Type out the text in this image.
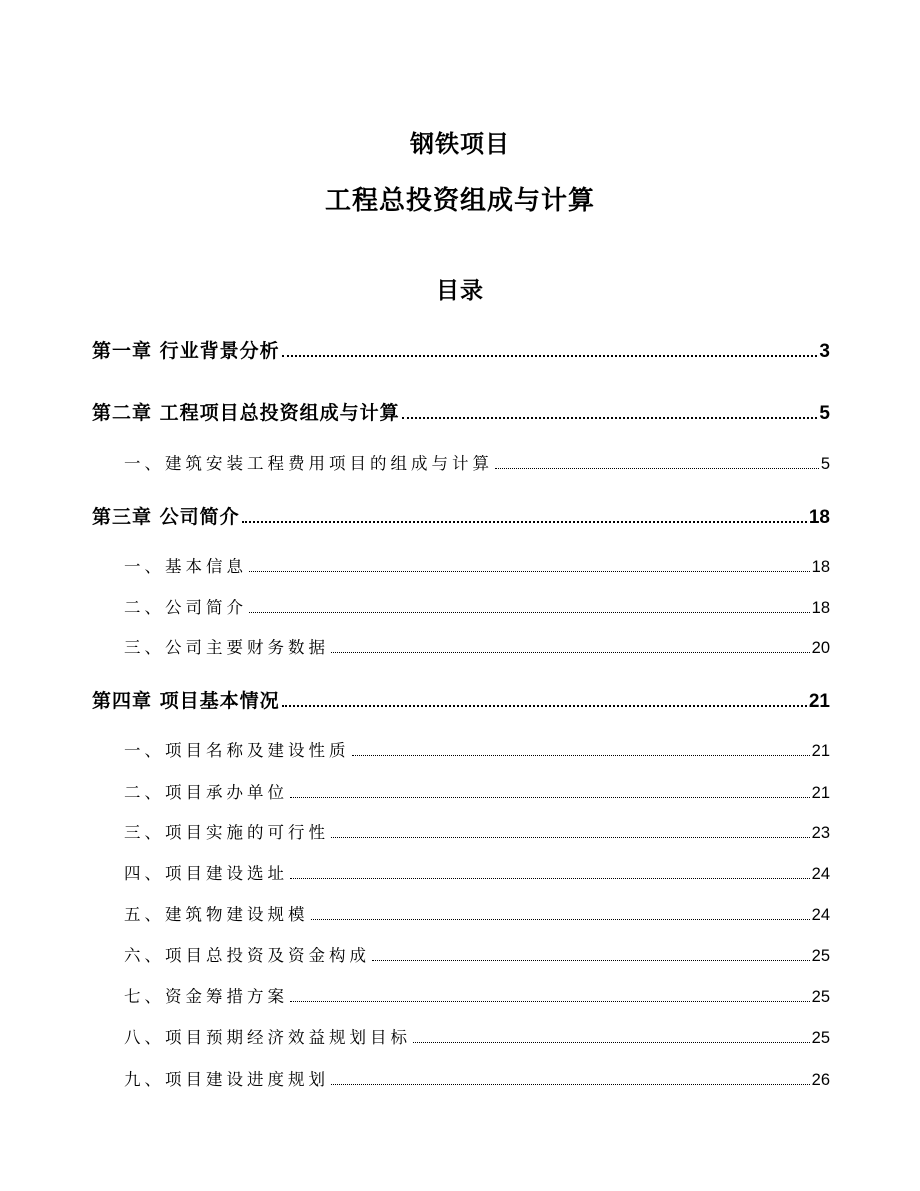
钢铁项目
工程总投资组成与计算
目录
第一章 行业背景分析	3
第二章 工程项目总投资组成与计算	5
一、建筑安装工程费用项目的组成与计算	5
第三章 公司简介	18
一、基本信息	18
二、公司简介	18
三、公司主要财务数据	20
第四章 项目基本情况	21
一、项目名称及建设性质	21
二、项目承办单位	21
三、项目实施的可行性	23
四、项目建设选址	24
五、建筑物建设规模	24
六、项目总投资及资金构成	25
七、资金筹措方案	25
八、项目预期经济效益规划目标	25
九、项目建设进度规划	26
